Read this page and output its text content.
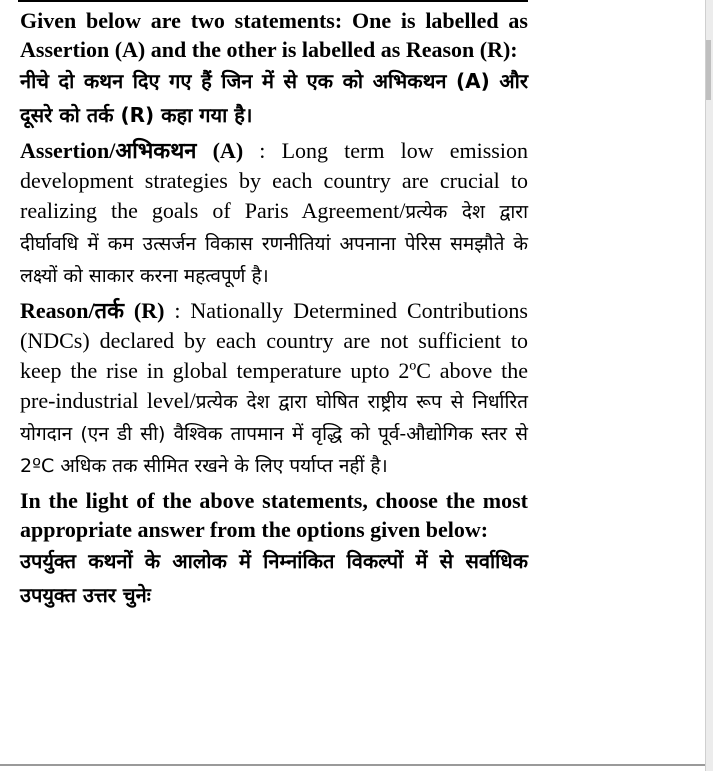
Given below are two statements: One is labelled as Assertion (A) and the other is labelled as Reason (R):

नीचे दो कथन दिए गए हैं जिन में से एक को अभिकथन (A) और दूसरे को तर्क (R) कहा गया है।

Assertion/अभिकथन (A) : Long term low emission development strategies by each country are crucial to realizing the goals of Paris Agreement/प्रत्येक देश द्वारा दीर्घावधि में कम उत्सर्जन विकास रणनीतियां अपनाना पेरिस समझौते के लक्ष्यों को साकार करना महत्वपूर्ण है।

Reason/तर्क (R) : Nationally Determined Contributions (NDCs) declared by each country are not sufficient to keep the rise in global temperature upto 2ºC above the pre-industrial level/प्रत्येक देश द्वारा घोषित राष्ट्रीय रूप से निर्धारित योगदान (एन डी सी) वैश्विक तापमान में वृद्धि को पूर्व-औद्योगिक स्तर से 2ºC अधिक तक सीमित रखने के लिए पर्याप्त नहीं है।

In the light of the above statements, choose the most appropriate answer from the options given below:

उपर्युक्त कथनों के आलोक में निम्नांकित विकल्पों में से सर्वाधिक उपयुक्त उत्तर चुनेः
